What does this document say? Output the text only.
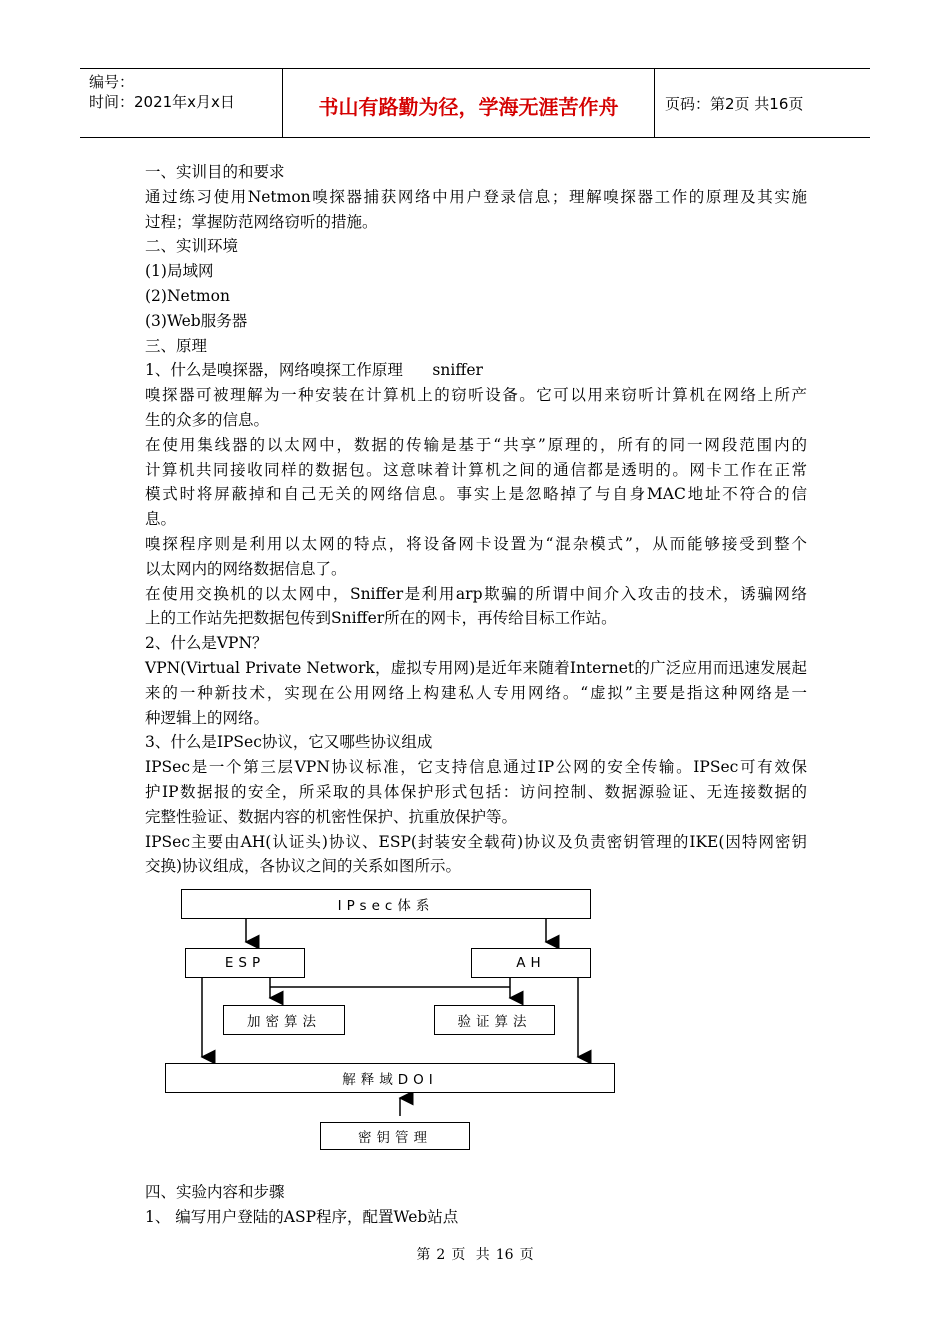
编号：
时间：2021年x月x日	书山有路勤为径，学海无涯苦作舟	页码：第2页 共16页
一、实训目的和要求
通过练习使用Netmon嗅探器捕获网络中用户登录信息；理解嗅探器工作的原理及其实施
过程；掌握防范网络窃听的措施。
二、实训环境
(1)局域网
(2)Netmon
(3)Web服务器
三、原理
1、什么是嗅探器，网络嗅探工作原理      sniffer
嗅探器可被理解为一种安装在计算机上的窃听设备。它可以用来窃听计算机在网络上所产
生的众多的信息。
在使用集线器的以太网中，数据的传输是基于“共享”原理的，所有的同一网段范围内的
计算机共同接收同样的数据包。这意味着计算机之间的通信都是透明的。网卡工作在正常
模式时将屏蔽掉和自己无关的网络信息。事实上是忽略掉了与自身MAC地址不符合的信
息。
嗅探程序则是利用以太网的特点，将设备网卡设置为“混杂模式”，从而能够接受到整个
以太网内的网络数据信息了。
在使用交换机的以太网中，Sniffer是利用arp欺骗的所谓中间介入攻击的技术，诱骗网络
上的工作站先把数据包传到Sniffer所在的网卡，再传给目标工作站。
2、什么是VPN？
VPN(Virtual Private Network，虚拟专用网)是近年来随着Internet的广泛应用而迅速发展起
来的一种新技术，实现在公用网络上构建私人专用网络。“虚拟”主要是指这种网络是一
种逻辑上的网络。
3、什么是IPSec协议，它又哪些协议组成
IPSec是一个第三层VPN协议标准，它支持信息通过IP公网的安全传输。IPSec可有效保
护IP数据报的安全，所采取的具体保护形式包括：访问控制、数据源验证、无连接数据的
完整性验证、数据内容的机密性保护、抗重放保护等。
IPSec主要由AH(认证头)协议、ESP(封装安全载荷)协议及负责密钥管理的IKE(因特网密钥
交换)协议组成，各协议之间的关系如图所示。
IPsec体系
ESP	AH
加密算法	验证算法
解释域DOI
密钥管理
四、实验内容和步骤
1、 编写用户登陆的ASP程序，配置Web站点
第 2 页 共 16 页
